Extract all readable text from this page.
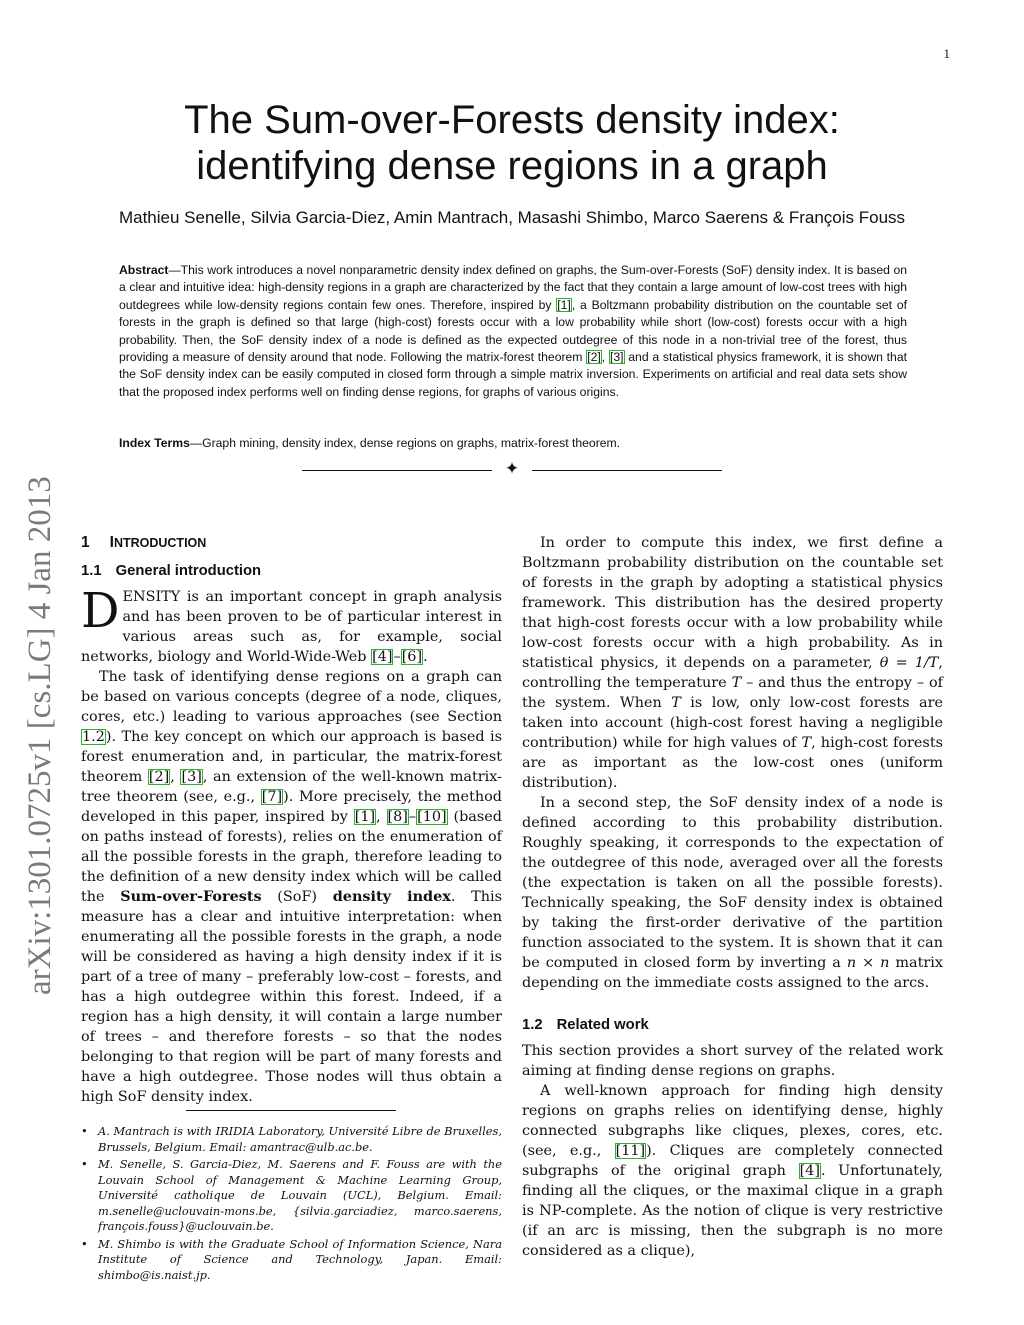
1
arXiv:1301.0725v1 [cs.LG] 4 Jan 2013
The Sum-over-Forests density index:
identifying dense regions in a graph
Mathieu Senelle, Silvia Garcia-Diez, Amin Mantrach, Masashi Shimbo, Marco Saerens & François Fouss
Abstract—This work introduces a novel nonparametric density index defined on graphs, the Sum-over-Forests (SoF) density index. It is based on a clear and intuitive idea: high-density regions in a graph are characterized by the fact that they contain a large amount of low-cost trees with high outdegrees while low-density regions contain few ones. Therefore, inspired by [1], a Boltzmann probability distribution on the countable set of forests in the graph is defined so that large (high-cost) forests occur with a low probability while short (low-cost) forests occur with a high probability. Then, the SoF density index of a node is defined as the expected outdegree of this node in a non-trivial tree of the forest, thus providing a measure of density around that node. Following the matrix-forest theorem [2], [3] and a statistical physics framework, it is shown that the SoF density index can be easily computed in closed form through a simple matrix inversion. Experiments on artificial and real data sets show that the proposed index performs well on finding dense regions, for graphs of various origins.
Index Terms—Graph mining, density index, dense regions on graphs, matrix-forest theorem.
✦
1 INTRODUCTION
1.1 General introduction

DENSITY is an important concept in graph analysis and has been proven to be of particular interest in various areas such as, for example, social networks, biology and World-Wide-Web [4]–[6].

The task of identifying dense regions on a graph can be based on various concepts (degree of a node, cliques, cores, etc.) leading to various approaches (see Section 1.2). The key concept on which our approach is based is forest enumeration and, in particular, the matrix-forest theorem [2], [3], an extension of the well-known matrix-tree theorem (see, e.g., [7]). More precisely, the method developed in this paper, inspired by [1], [8]–[10] (based on paths instead of forests), relies on the enumeration of all the possible forests in the graph, therefore leading to the definition of a new density index which will be called the Sum-over-Forests (SoF) density index. This measure has a clear and intuitive interpretation: when enumerating all the possible forests in the graph, a node will be considered as having a high density index if it is part of a tree of many – preferably low-cost – forests, and has a high outdegree within this forest. Indeed, if a region has a high density, it will contain a large number of trees – and therefore forests – so that the nodes belonging to that region will be part of many forests and have a high outdegree. Those nodes will thus obtain a high SoF density index.

• A. Mantrach is with IRIDIA Laboratory, Université Libre de Bruxelles, Brussels, Belgium. Email: amantrac@ulb.ac.be.
• M. Senelle, S. Garcia-Diez, M. Saerens and F. Fouss are with the Louvain School of Management & Machine Learning Group, Université catholique de Louvain (UCL), Belgium. Email: m.senelle@uclouvain-mons.be, {silvia.garciadiez, marco.saerens, françois.fouss}@uclouvain.be.
• M. Shimbo is with the Graduate School of Information Science, Nara Institute of Science and Technology, Japan. Email: shimbo@is.naist.jp.

In order to compute this index, we first define a Boltzmann probability distribution on the countable set of forests in the graph by adopting a statistical physics framework. This distribution has the desired property that high-cost forests occur with a low probability while low-cost forests occur with a high probability. As in statistical physics, it depends on a parameter, θ = 1/T, controlling the temperature T – and thus the entropy – of the system. When T is low, only low-cost forests are taken into account (high-cost forest having a negligible contribution) while for high values of T, high-cost forests are as important as the low-cost ones (uniform distribution).

In a second step, the SoF density index of a node is defined according to this probability distribution. Roughly speaking, it corresponds to the expectation of the outdegree of this node, averaged over all the forests (the expectation is taken on all the possible forests). Technically speaking, the SoF density index is obtained by taking the first-order derivative of the partition function associated to the system. It is shown that it can be computed in closed form by inverting a n × n matrix depending on the immediate costs assigned to the arcs.

1.2 Related work

This section provides a short survey of the related work aiming at finding dense regions on graphs.

A well-known approach for finding high density regions on graphs relies on identifying dense, highly connected subgraphs like cliques, plexes, cores, etc. (see, e.g., [11]). Cliques are completely connected subgraphs of the original graph [4]. Unfortunately, finding all the cliques, or the maximal clique in a graph is NP-complete. As the notion of clique is very restrictive (if an arc is missing, then the subgraph is no more considered as a clique),
